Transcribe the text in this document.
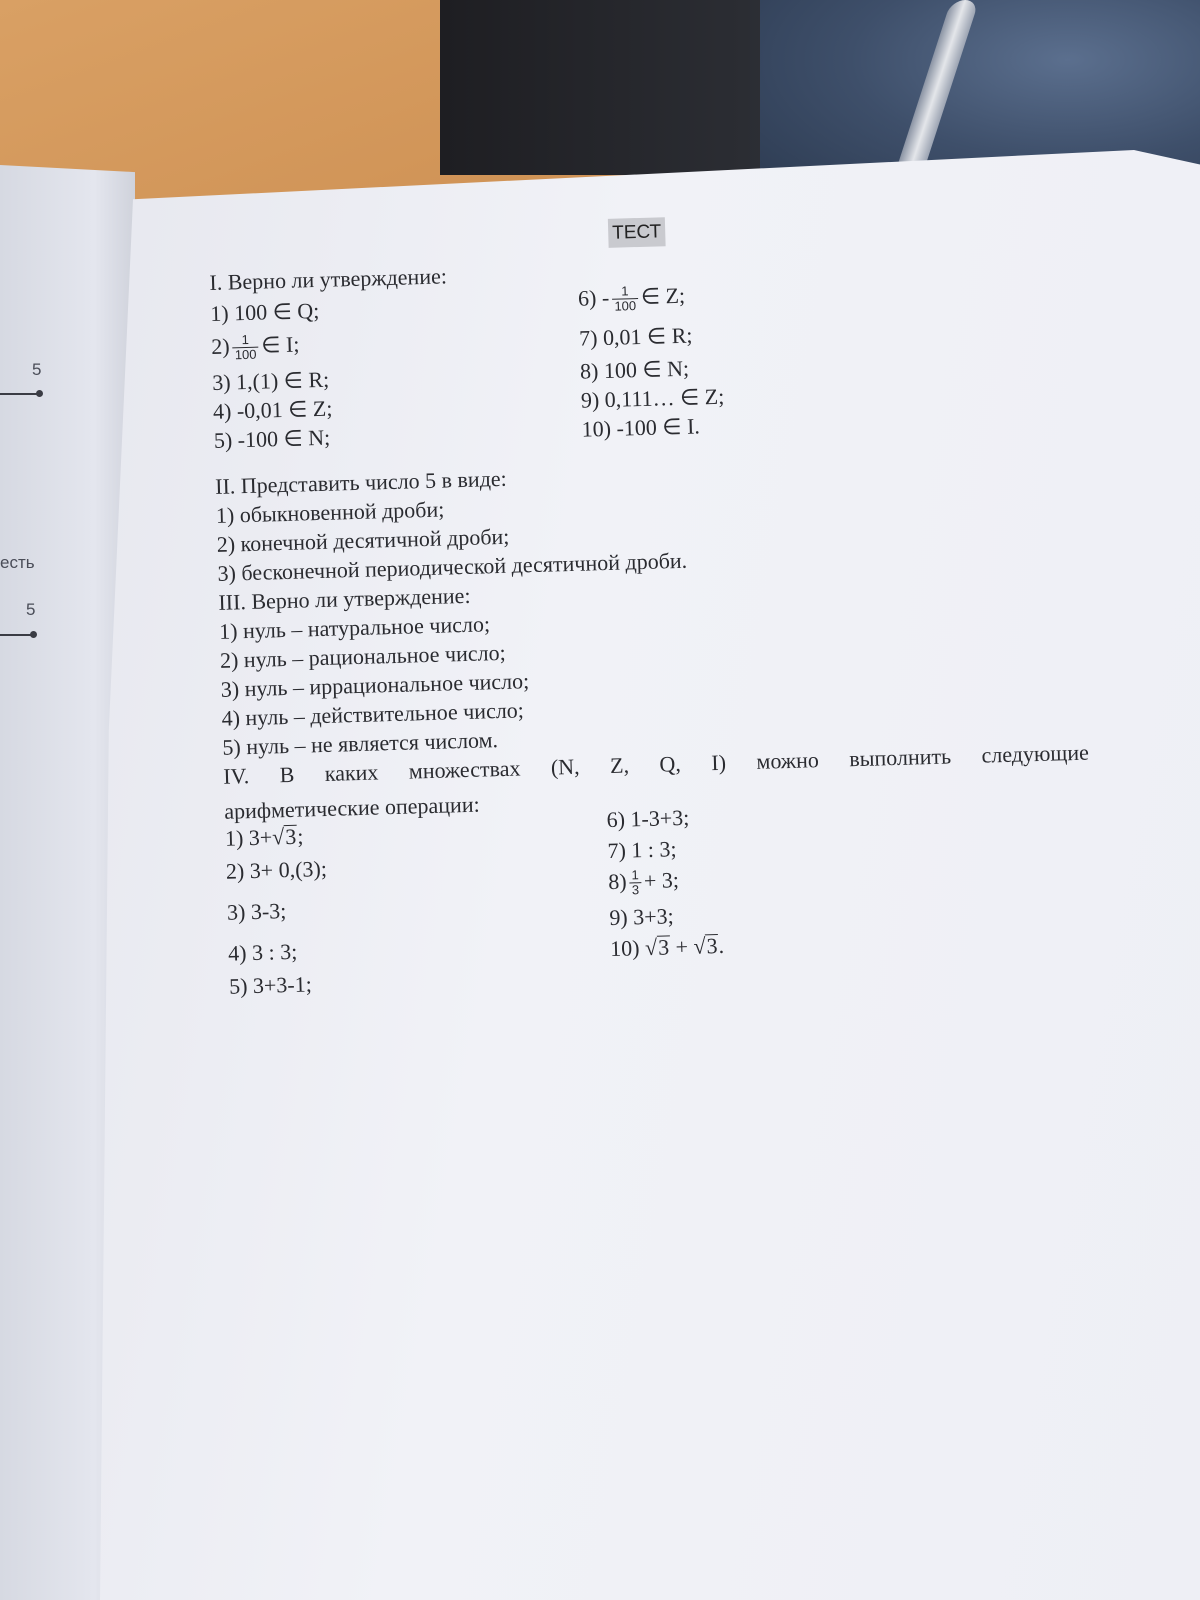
5
есть
5
ТЕСТ
I. Верно ли утверждение:
1) 100 ∈ Q;
$2) \frac{1}{100}$ ∈ I;
3) 1,(1) ∈ R;
4) -0,01 ∈ Z;
5) -100 ∈ N;
$6) - \frac{1}{100}$ ∈ Z;
7) 0,01 ∈ R;
8) 100 ∈ N;
9) 0,111… ∈ Z;
10) -100 ∈ I.
II. Представить число 5 в виде:
1) обыкновенной дроби;
2) конечной десятичной дроби;
3) бесконечной периодической десятичной дроби.
III. Верно ли утверждение:
1) нуль – натуральное число;
2) нуль – рациональное число;
3) нуль – иррациональное число;
4) нуль – действительное число;
5) нуль – не является числом.
IV. В каких множествах (N, Z, Q, I) можно выполнить следующие
арифметические операции:
1) 3+√3;
2) 3+ 0,(3);
3) 3-3;
4) 3 : 3;
5) 3+3-1;
6) 1-3+3;
7) 1 : 3;
$8) \frac{1}{3} + 3$;
9) 3+3;
10) √3 + √3.
